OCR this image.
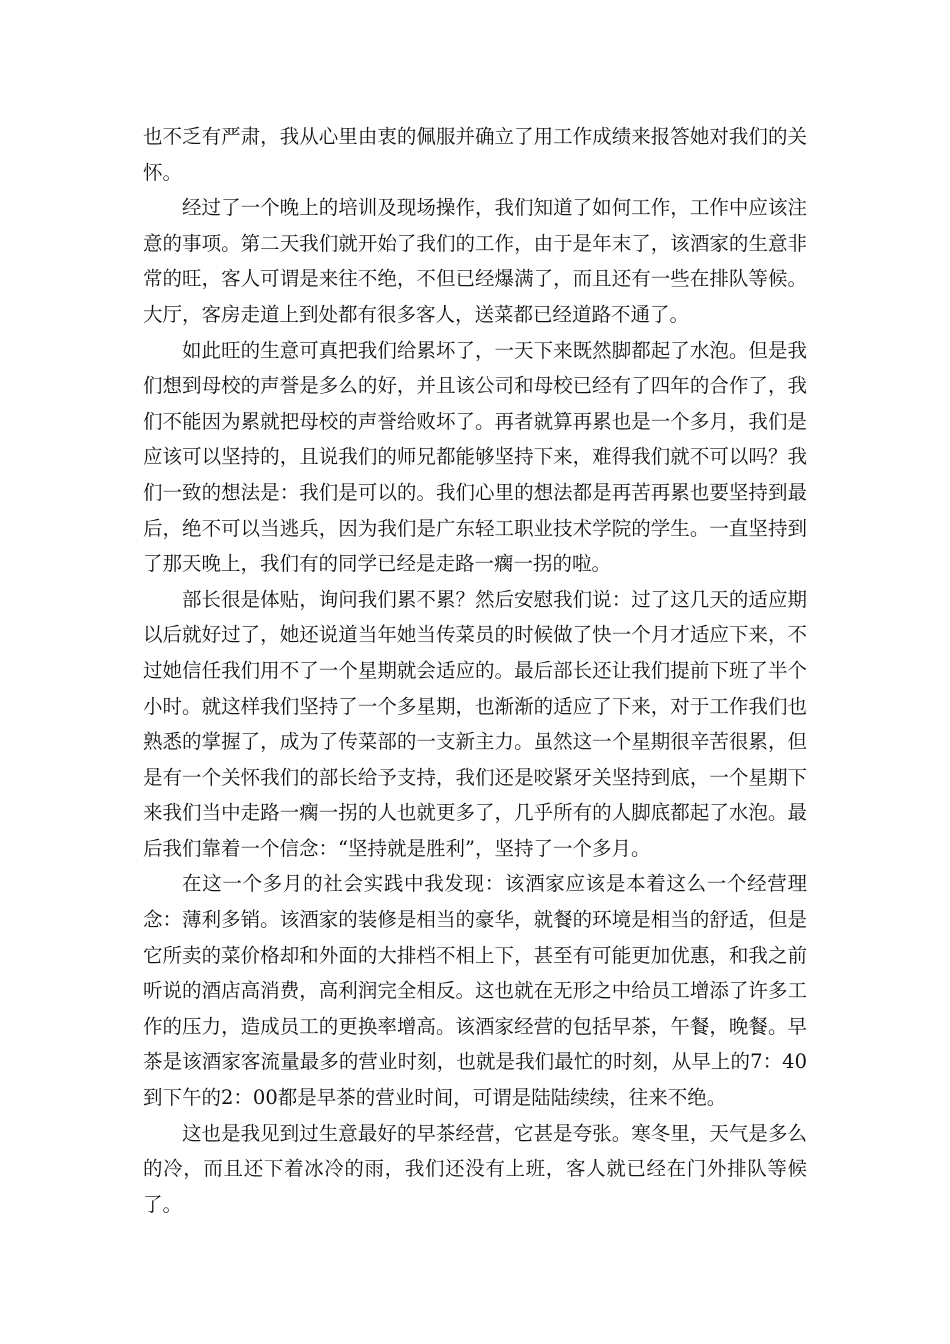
也不乏有严肃，我从心里由衷的佩服并确立了用工作成绩来报答她对我们的关怀。

经过了一个晚上的培训及现场操作，我们知道了如何工作，工作中应该注意的事项。第二天我们就开始了我们的工作，由于是年末了，该酒家的生意非常的旺，客人可谓是来往不绝，不但已经爆满了，而且还有一些在排队等候。大厅，客房走道上到处都有很多客人，送菜都已经道路不通了。

如此旺的生意可真把我们给累坏了，一天下来既然脚都起了水泡。但是我们想到母校的声誉是多么的好，并且该公司和母校已经有了四年的合作了，我们不能因为累就把母校的声誉给败坏了。再者就算再累也是一个多月，我们是应该可以坚持的，且说我们的师兄都能够坚持下来，难得我们就不可以吗？我们一致的想法是：我们是可以的。我们心里的想法都是再苦再累也要坚持到最后，绝不可以当逃兵，因为我们是广东轻工职业技术学院的学生。一直坚持到了那天晚上，我们有的同学已经是走路一瘸一拐的啦。

部长很是体贴，询问我们累不累？然后安慰我们说：过了这几天的适应期以后就好过了，她还说道当年她当传菜员的时候做了快一个月才适应下来，不过她信任我们用不了一个星期就会适应的。最后部长还让我们提前下班了半个小时。就这样我们坚持了一个多星期，也渐渐的适应了下来，对于工作我们也熟悉的掌握了，成为了传菜部的一支新主力。虽然这一个星期很辛苦很累，但是有一个关怀我们的部长给予支持，我们还是咬紧牙关坚持到底，一个星期下来我们当中走路一瘸一拐的人也就更多了，几乎所有的人脚底都起了水泡。最后我们靠着一个信念：“坚持就是胜利”，坚持了一个多月。

在这一个多月的社会实践中我发现：该酒家应该是本着这么一个经营理念：薄利多销。该酒家的装修是相当的豪华，就餐的环境是相当的舒适，但是它所卖的菜价格却和外面的大排档不相上下，甚至有可能更加优惠，和我之前听说的酒店高消费，高利润完全相反。这也就在无形之中给员工增添了许多工作的压力，造成员工的更换率增高。该酒家经营的包括早茶，午餐，晚餐。早茶是该酒家客流量最多的营业时刻，也就是我们最忙的时刻，从早上的7：40到下午的2：00都是早茶的营业时间，可谓是陆陆续续，往来不绝。

这也是我见到过生意最好的早茶经营，它甚是夸张。寒冬里，天气是多么的冷，而且还下着冰冷的雨，我们还没有上班，客人就已经在门外排队等候了。
